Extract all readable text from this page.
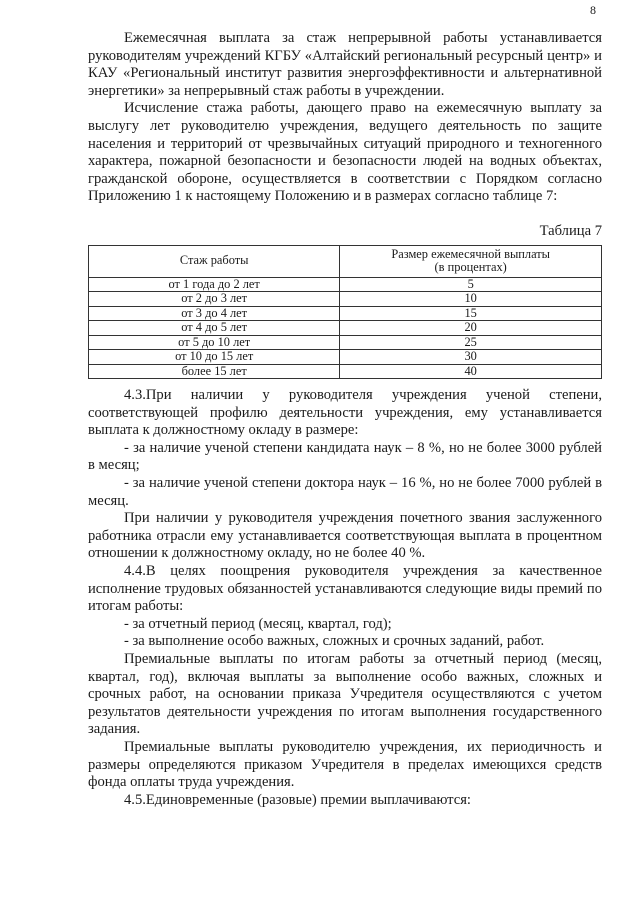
8

Ежемесячная выплата за стаж непрерывной работы устанавливается руководителям учреждений КГБУ «Алтайский региональный ресурсный центр» и КАУ «Региональный институт развития энергоэффективности и альтернативной энергетики» за непрерывный стаж работы в учреждении.

Исчисление стажа работы, дающего право на ежемесячную выплату за выслугу лет руководителю учреждения, ведущего деятельность по защите населения и территорий от чрезвычайных ситуаций природного и техногенного характера, пожарной безопасности и безопасности людей на водных объектах, гражданской обороне, осуществляется в соответствии с Порядком согласно Приложению 1 к настоящему Положению и в размерах согласно таблице 7:

Таблица 7
Стаж работы	Размер ежемесячной выплаты
(в процентах)

от 1 года до 2 лет	5
от 2 до 3 лет	10
от 3 до 4 лет	15
от 4 до 5 лет	20
от 5 до 10 лет	25
от 10 до 15 лет	30
более 15 лет	40

4.3.При наличии у руководителя учреждения ученой степени, соответствующей профилю деятельности учреждения, ему устанавливается выплата к должностному окладу в размере:

- за наличие ученой степени кандидата наук – 8 %, но не более 3000 рублей в месяц;

- за наличие ученой степени доктора наук – 16 %, но не более 7000 рублей в месяц.

При наличии у руководителя учреждения почетного звания заслуженного работника отрасли ему устанавливается соответствующая выплата в процентном отношении к должностному окладу, но не более 40 %.

4.4.В целях поощрения руководителя учреждения за качественное исполнение трудовых обязанностей устанавливаются следующие виды премий по итогам работы:

- за отчетный период (месяц, квартал, год);

- за выполнение особо важных, сложных и срочных заданий, работ.

Премиальные выплаты по итогам работы за отчетный период (месяц, квартал, год), включая выплаты за выполнение особо важных, сложных и срочных работ, на основании приказа Учредителя осуществляются с учетом результатов деятельности учреждения по итогам выполнения государственного задания.

Премиальные выплаты руководителю учреждения, их периодичность и размеры определяются приказом Учредителя в пределах имеющихся средств фонда оплаты труда учреждения.

4.5.Единовременные (разовые) премии выплачиваются:
